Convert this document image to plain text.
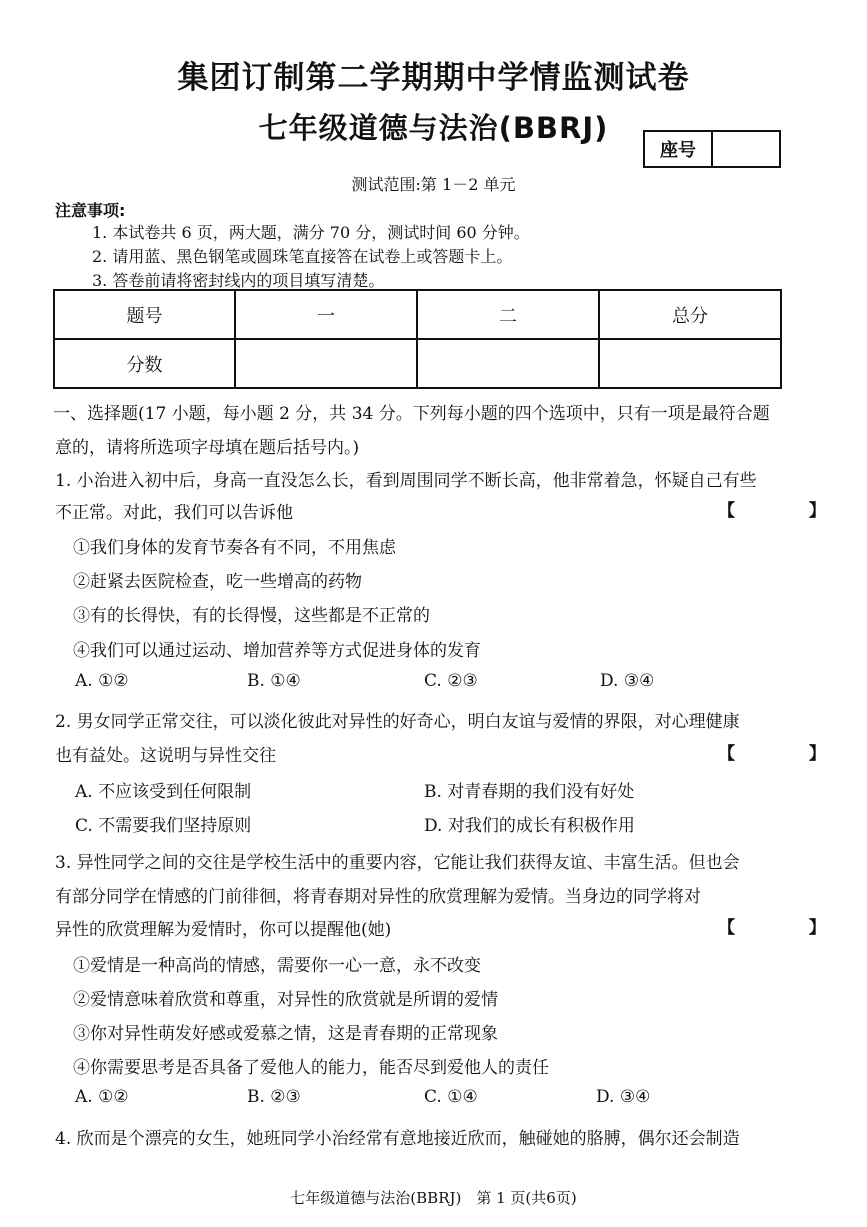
集团订制第二学期期中学情监测试卷
七年级道德与法治(BBRJ)
座号
测试范围:第 1－2 单元
注意事项:
1. 本试卷共 6 页，两大题，满分 70 分，测试时间 60 分钟。
2. 请用蓝、黑色钢笔或圆珠笔直接答在试卷上或答题卡上。
3. 答卷前请将密封线内的项目填写清楚。
题号	一	二	总分
分数			
一、选择题(17 小题，每小题 2 分，共 34 分。下列每小题的四个选项中，只有一项是最符合题
意的，请将所选项字母填在题后括号内。)
1. 小治进入初中后，身高一直没怎么长，看到周围同学不断长高，他非常着急，怀疑自己有些
不正常。对此，我们可以告诉他	【 】
①我们身体的发育节奏各有不同，不用焦虑
②赶紧去医院检查，吃一些增高的药物
③有的长得快，有的长得慢，这些都是不正常的
④我们可以通过运动、增加营养等方式促进身体的发育
A. ①②	B. ①④	C. ②③	D. ③④
2. 男女同学正常交往，可以淡化彼此对异性的好奇心，明白友谊与爱情的界限，对心理健康
也有益处。这说明与异性交往	【 】
A. 不应该受到任何限制	B. 对青春期的我们没有好处
C. 不需要我们坚持原则	D. 对我们的成长有积极作用
3. 异性同学之间的交往是学校生活中的重要内容，它能让我们获得友谊、丰富生活。但也会
有部分同学在情感的门前徘徊，将青春期对异性的欣赏理解为爱情。当身边的同学将对
异性的欣赏理解为爱情时，你可以提醒他(她)	【 】
①爱情是一种高尚的情感，需要你一心一意，永不改变
②爱情意味着欣赏和尊重，对异性的欣赏就是所谓的爱情
③你对异性萌发好感或爱慕之情，这是青春期的正常现象
④你需要思考是否具备了爱他人的能力，能否尽到爱他人的责任
A. ①②	B. ②③	C. ①④	D. ③④
4. 欣而是个漂亮的女生，她班同学小治经常有意地接近欣而，触碰她的胳膊，偶尔还会制造
七年级道德与法治(BBRJ)　第 1 页(共6页)
